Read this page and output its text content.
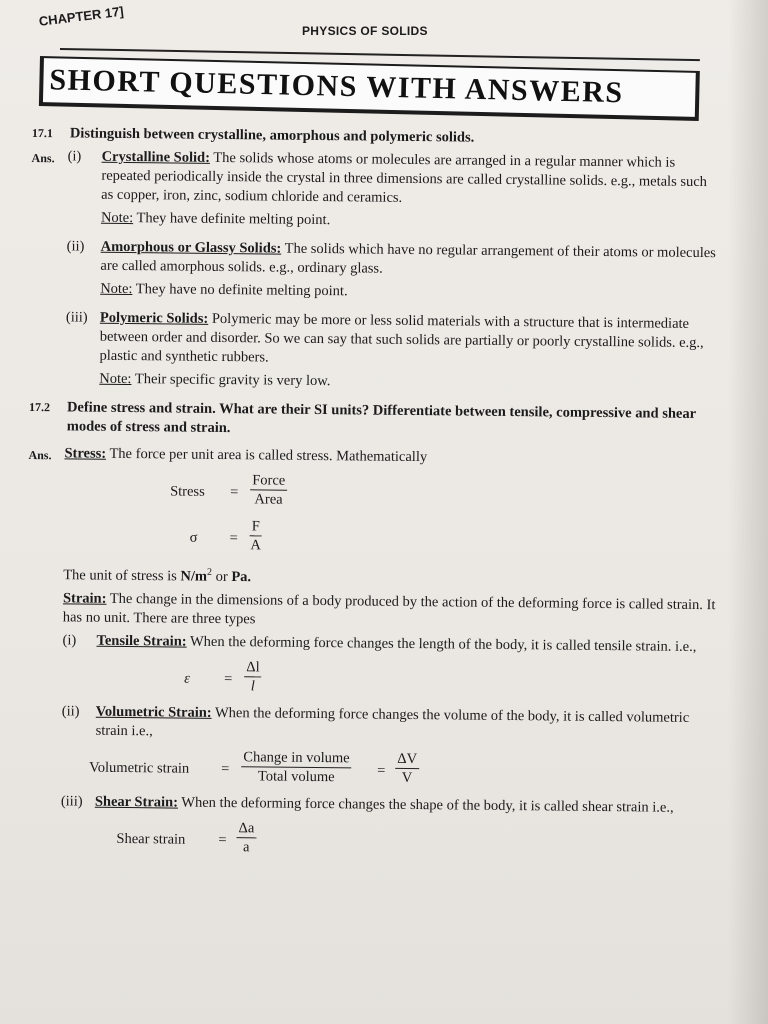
CHAPTER 17]
PHYSICS OF SOLIDS
SHORT QUESTIONS WITH ANSWERS
17.1 Distinguish between crystalline, amorphous and polymeric solids.
Ans. (i) Crystalline Solid: The solids whose atoms or molecules are arranged in a regular manner which is repeated periodically inside the crystal in three dimensions are called crystalline solids. e.g., metals such as copper, iron, zinc, sodium chloride and ceramics.
Note: They have definite melting point.
(ii) Amorphous or Glassy Solids: The solids which have no regular arrangement of their atoms or molecules are called amorphous solids. e.g., ordinary glass.
Note: They have no definite melting point.
(iii) Polymeric Solids: Polymeric may be more or less solid materials with a structure that is intermediate between order and disorder. So we can say that such solids are partially or poorly crystalline solids. e.g., plastic and synthetic rubbers.
Note: Their specific gravity is very low.
17.2 Define stress and strain. What are their SI units? Differentiate between tensile, compressive and shear modes of stress and strain.
Ans. Stress: The force per unit area is called stress. Mathematically
Stress =
Force
Area
$\sigma = \frac{F}{A}$
The unit of stress is $N/m^2$ or Pa.
Strain: The change in the dimensions of a body produced by the action of the deforming force is called strain. It has no unit. There are three types
(i) Tensile Strain: When the deforming force changes the length of the body, it is called tensile strain. i.e.,
$\varepsilon = \frac{\Delta l}{l}$
(ii) Volumetric Strain: When the deforming force changes the volume of the body, it is called volumetric strain i.e.,
Volumetric strain =
Change in volume
Total volume	= $\frac{\Delta V}{V}$
(iii) Shear Strain: When the deforming force changes the shape of the body, it is called shear strain i.e.,
Shear strain = $\frac{\Delta a}{a}$
